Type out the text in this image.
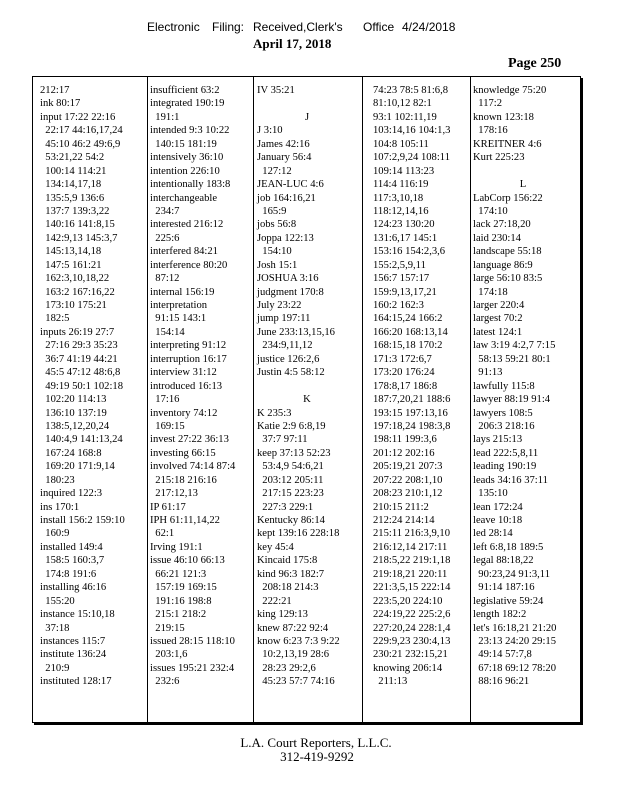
Electronic Filing: Received,Clerk's Office 4/24/2018
April 17, 2018
Page 250
212:17
ink 80:17
input 17:22 22:16
22:17 44:16,17,24
45:10 46:2 49:6,9
53:21,22 54:2
100:14 114:21
134:14,17,18
135:5,9 136:6
137:7 139:3,22
140:16 141:8,15
142:9,13 145:3,7
145:13,14,18
147:5 161:21
162:3,10,18,22
163:2 167:16,22
173:10 175:21
182:5
inputs 26:19 27:7
27:16 29:3 35:23
36:7 41:19 44:21
45:5 47:12 48:6,8
49:19 50:1 102:18
102:20 114:13
136:10 137:19
138:5,12,20,24
140:4,9 141:13,24
167:24 168:8
169:20 171:9,14
180:23
inquired 122:3
ins 170:1
install 156:2 159:10
160:9
installed 149:4
158:5 160:3,7
174:8 191:6
installing 46:16
155:20
instance 15:10,18
37:18
instances 115:7
institute 136:24
210:9
instituted 128:17
insufficient 63:2
integrated 190:19
191:1
intended 9:3 10:22
140:15 181:19
intensively 36:10
intention 226:10
intentionally 183:8
interchangeable
234:7
interested 216:12
225:6
interfered 84:21
interference 80:20
87:12
internal 156:19
interpretation
91:15 143:1
154:14
interpreting 91:12
interruption 16:17
interview 31:12
introduced 16:13
17:16
inventory 74:12
169:15
invest 27:22 36:13
investing 66:15
involved 74:14 87:4
215:18 216:16
217:12,13
IP 61:17
IPH 61:11,14,22
62:1
Irving 191:1
issue 46:10 66:13
66:21 121:3
157:19 169:15
191:16 198:8
215:1 218:2
219:15
issued 28:15 118:10
203:1,6
issues 195:21 232:4
232:6
IV 35:21
J
J 3:10
James 42:16
January 56:4
127:12
JEAN-LUC 4:6
job 164:16,21
165:9
jobs 56:8
Joppa 122:13
154:10
Josh 15:1
JOSHUA 3:16
judgment 170:8
July 23:22
jump 197:11
June 233:13,15,16
234:9,11,12
justice 126:2,6
Justin 4:5 58:12
K
K 235:3
Katie 2:9 6:8,19
37:7 97:11
keep 37:13 52:23
53:4,9 54:6,21
203:12 205:11
217:15 223:23
227:3 229:1
Kentucky 86:14
kept 139:16 228:18
key 45:4
Kincaid 175:8
kind 96:3 182:7
208:18 214:3
222:21
king 129:13
knew 87:22 92:4
know 6:23 7:3 9:22
10:2,13,19 28:6
28:23 29:2,6
45:23 57:7 74:16
74:23 78:5 81:6,8
81:10,12 82:1
93:1 102:11,19
103:14,16 104:1,3
104:8 105:11
107:2,9,24 108:11
109:14 113:23
114:4 116:19
117:3,10,18
118:12,14,16
124:23 130:20
131:6,17 145:1
153:16 154:2,3,6
155:2,5,9,11
156:7 157:17
159:9,13,17,21
160:2 162:3
164:15,24 166:2
166:20 168:13,14
168:15,18 170:2
171:3 172:6,7
173:20 176:24
178:8,17 186:8
187:7,20,21 188:6
193:15 197:13,16
197:18,24 198:3,8
198:11 199:3,6
201:12 202:16
205:19,21 207:3
207:22 208:1,10
208:23 210:1,12
210:15 211:2
212:24 214:14
215:11 216:3,9,10
216:12,14 217:11
218:5,22 219:1,18
219:18,21 220:11
221:3,5,15 222:14
223:5,20 224:10
224:19,22 225:2,6
227:20,24 228:1,4
229:9,23 230:4,13
230:21 232:15,21
knowing 206:14
211:13
knowledge 75:20
117:2
known 123:18
178:16
KREITNER 4:6
Kurt 225:23
L
LabCorp 156:22
174:10
lack 27:18,20
laid 230:14
landscape 55:18
language 86:9
large 56:10 83:5
174:18
larger 220:4
largest 70:2
latest 124:1
law 3:19 4:2,7 7:15
58:13 59:21 80:1
91:13
lawfully 115:8
lawyer 88:19 91:4
lawyers 108:5
206:3 218:16
lays 215:13
lead 222:5,8,11
leading 190:19
leads 34:16 37:11
135:10
lean 172:24
leave 10:18
led 28:14
left 6:8,18 189:5
legal 88:18,22
90:23,24 91:3,11
91:14 187:16
legislative 59:24
length 182:2
let's 16:18,21 21:20
23:13 24:20 29:15
49:14 57:7,8
67:18 69:12 78:20
88:16 96:21
L.A. Court Reporters, L.L.C.
312-419-9292
